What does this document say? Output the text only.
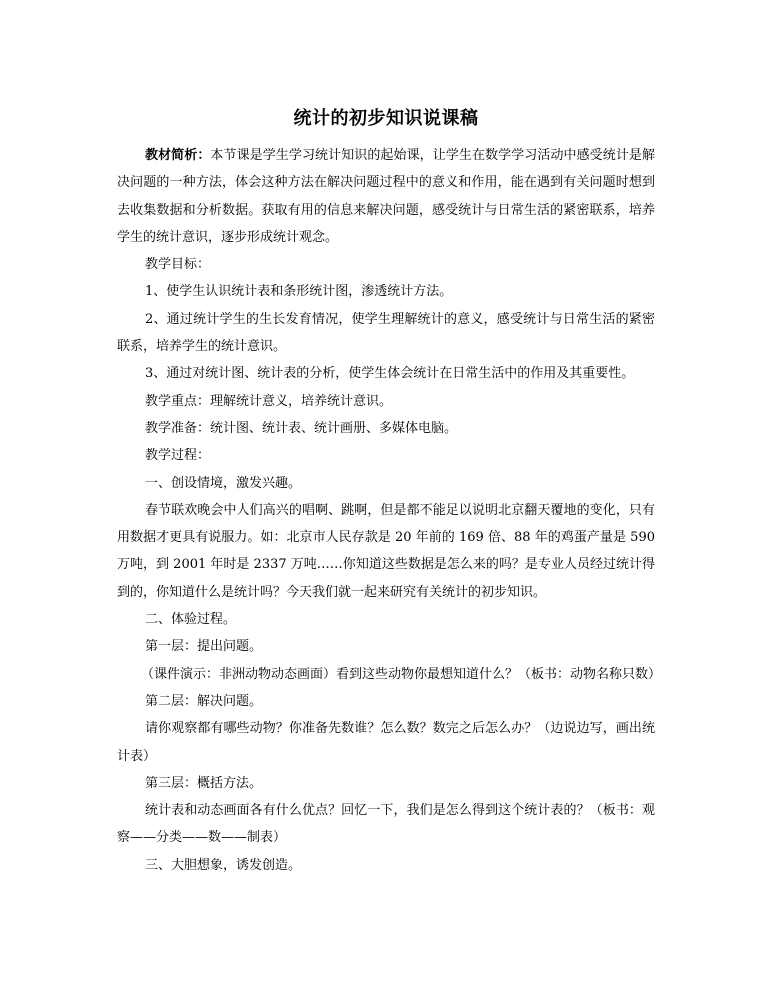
统计的初步知识说课稿

教材简析：本节课是学生学习统计知识的起始课，让学生在数学学习活动中感受统计是解决问题的一种方法，体会这种方法在解决问题过程中的意义和作用，能在遇到有关问题时想到去收集数据和分析数据。获取有用的信息来解决问题，感受统计与日常生活的紧密联系，培养学生的统计意识，逐步形成统计观念。

教学目标：

1、使学生认识统计表和条形统计图，渗透统计方法。

2、通过统计学生的生长发育情况，使学生理解统计的意义，感受统计与日常生活的紧密联系，培养学生的统计意识。

3、通过对统计图、统计表的分析，使学生体会统计在日常生活中的作用及其重要性。

教学重点：理解统计意义，培养统计意识。

教学准备：统计图、统计表、统计画册、多媒体电脑。

教学过程：

一、创设情境，激发兴趣。

春节联欢晚会中人们高兴的唱啊、跳啊，但是都不能足以说明北京翻天覆地的变化，只有用数据才更具有说服力。如：北京市人民存款是 20 年前的 169 倍、88 年的鸡蛋产量是 590 万吨，到 2001 年时是 2337 万吨……你知道这些数据是怎么来的吗？是专业人员经过统计得到的，你知道什么是统计吗？今天我们就一起来研究有关统计的初步知识。

二、体验过程。

第一层：提出问题。

（课件演示：非洲动物动态画面）看到这些动物你最想知道什么？（板书：动物名称只数）

第二层：解决问题。

请你观察都有哪些动物？你准备先数谁？怎么数？数完之后怎么办？（边说边写，画出统计表）

第三层：概括方法。

统计表和动态画面各有什么优点？回忆一下，我们是怎么得到这个统计表的？（板书：观察——分类——数——制表）

三、大胆想象，诱发创造。
